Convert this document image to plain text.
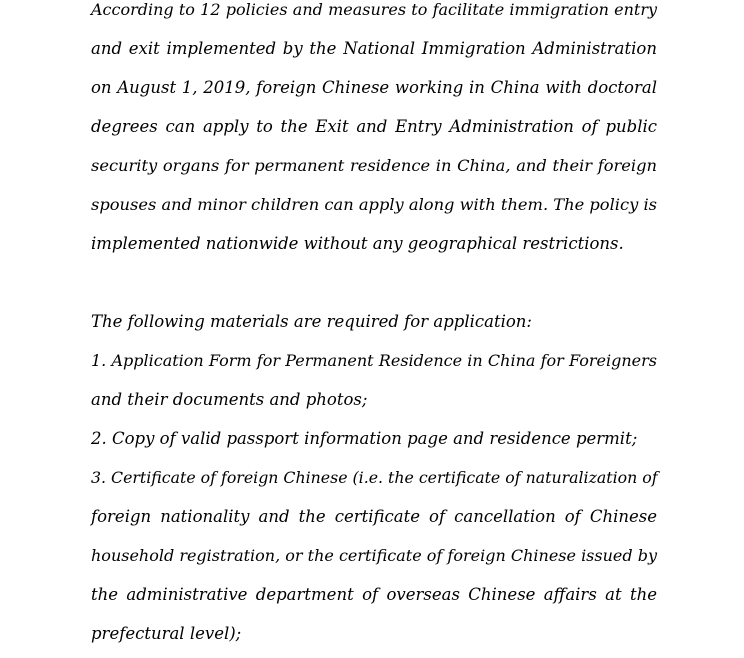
According to 12 policies and measures to facilitate immigration entry
and exit implemented by the National Immigration Administration
on August 1, 2019, foreign Chinese working in China with doctoral
degrees can apply to the Exit and Entry Administration of public
security organs for permanent residence in China, and their foreign
spouses and minor children can apply along with them. The policy is
implemented nationwide without any geographical restrictions.
The following materials are required for application:
1. Application Form for Permanent Residence in China for Foreigners
and their documents and photos;
2. Copy of valid passport information page and residence permit;
3. Certificate of foreign Chinese (i.e. the certificate of naturalization of
foreign nationality and the certificate of cancellation of Chinese
household registration, or the certificate of foreign Chinese issued by
the administrative department of overseas Chinese affairs at the
prefectural level);
